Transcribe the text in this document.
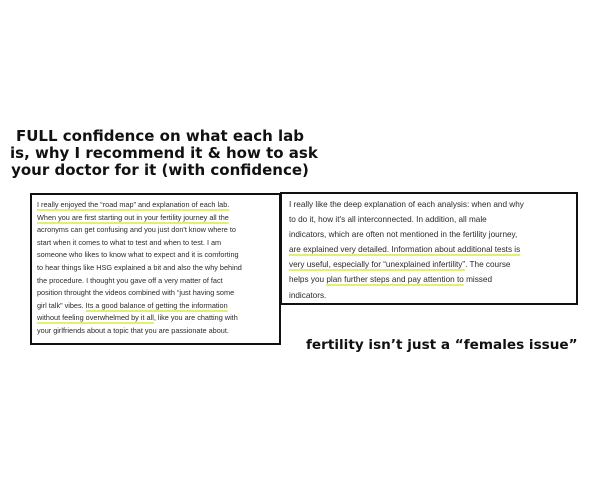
FULL confidence on what each lab
is, why I recommend it & how to ask
your doctor for it (with confidence)
I really enjoyed the “road map” and explanation of each lab.
When you are first starting out in your fertility journey all the
acronyms can get confusing and you just don't know where to
start when it comes to what to test and when to test. I am
someone who likes to know what to expect and it is comforting
to hear things like HSG explained a bit and also the why behind
the procedure. I thought you gave off a very matter of fact
position throught the videos combined with “just having some
girl talk” vibes. Its a good balance of getting the information
without feeling overwhelmed by it all, like you are chatting with
your girlfriends about a topic that you are passionate about.
I really like the deep explanation of each analysis: when and why
to do it, how it's all interconnected. In addition, all male
indicators, which are often not mentioned in the fertility journey,
are explained very detailed. Information about additional tests is
very useful, especially for “unexplained infertility”. The course
helps you plan further steps and pay attention to missed
indicators.

fertility isn’t just a “females issue”
